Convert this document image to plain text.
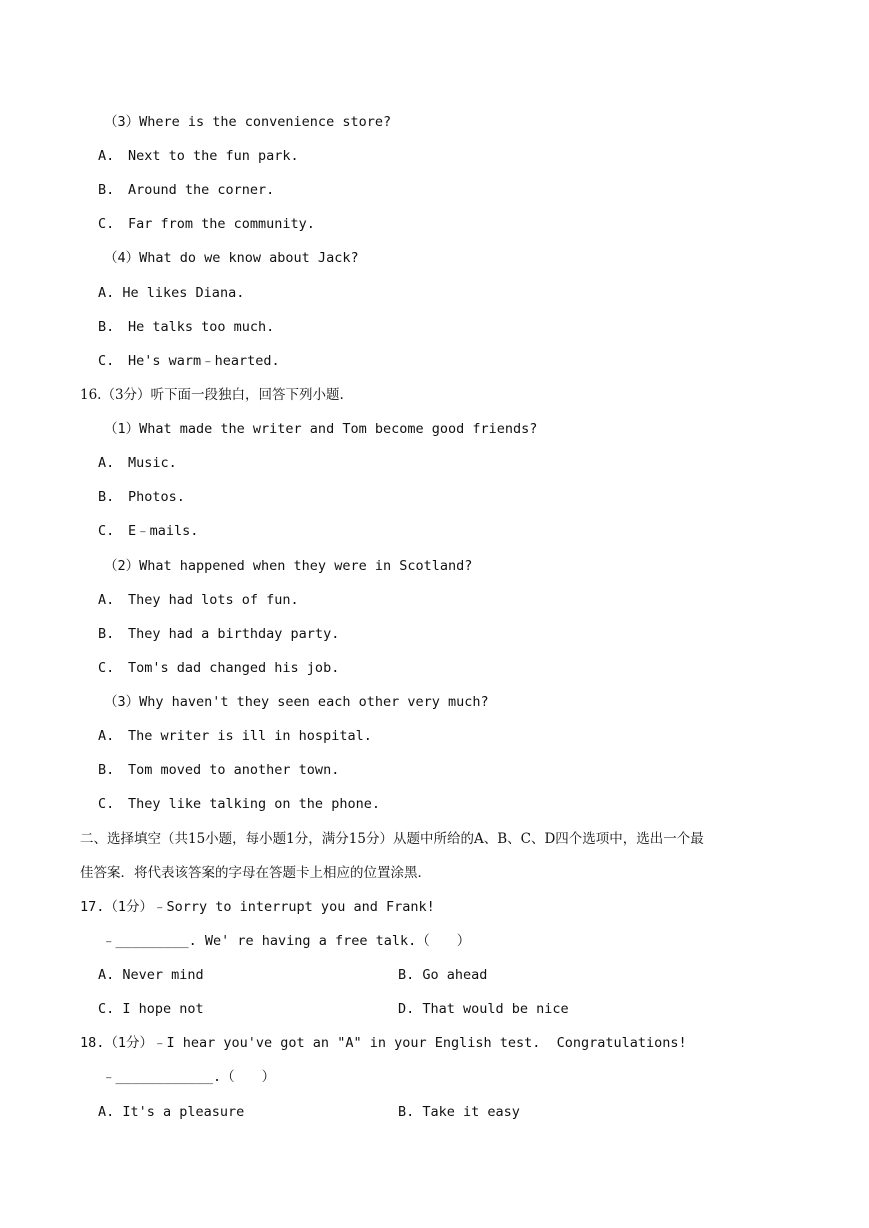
（3）Where is the convenience store?
A. Next to the fun park.
B. Around the corner.
C. Far from the community.
（4）What do we know about Jack?
A. He likes Diana.
B. He talks too much.
C. He's warm﹣hearted.
16.（3分）听下面一段独白，回答下列小题.
（1）What made the writer and Tom become good friends?
A. Music.
B. Photos.
C. E﹣mails.
（2）What happened when they were in Scotland?
A. They had lots of fun.
B. They had a birthday party.
C. Tom's dad changed his job.
（3）Why haven't they seen each other very much?
A. The writer is ill in hospital.
B. Tom moved to another town.
C. They like talking on the phone.
二、选择填空（共15小题，每小题1分，满分15分）从题中所给的A、B、C、D四个选项中，选出一个最
佳答案．将代表该答案的字母在答题卡上相应的位置涂黑．
17.（1分）﹣Sorry to interrupt you and Frank!
﹣_________. We' re having a free talk.（　　）
A. Never mind	B. Go ahead
C. I hope not	D. That would be nice
18.（1分）﹣I hear you've got an "A" in your English test.  Congratulations!
﹣____________.（　　）
A. It's a pleasure	B. Take it easy
